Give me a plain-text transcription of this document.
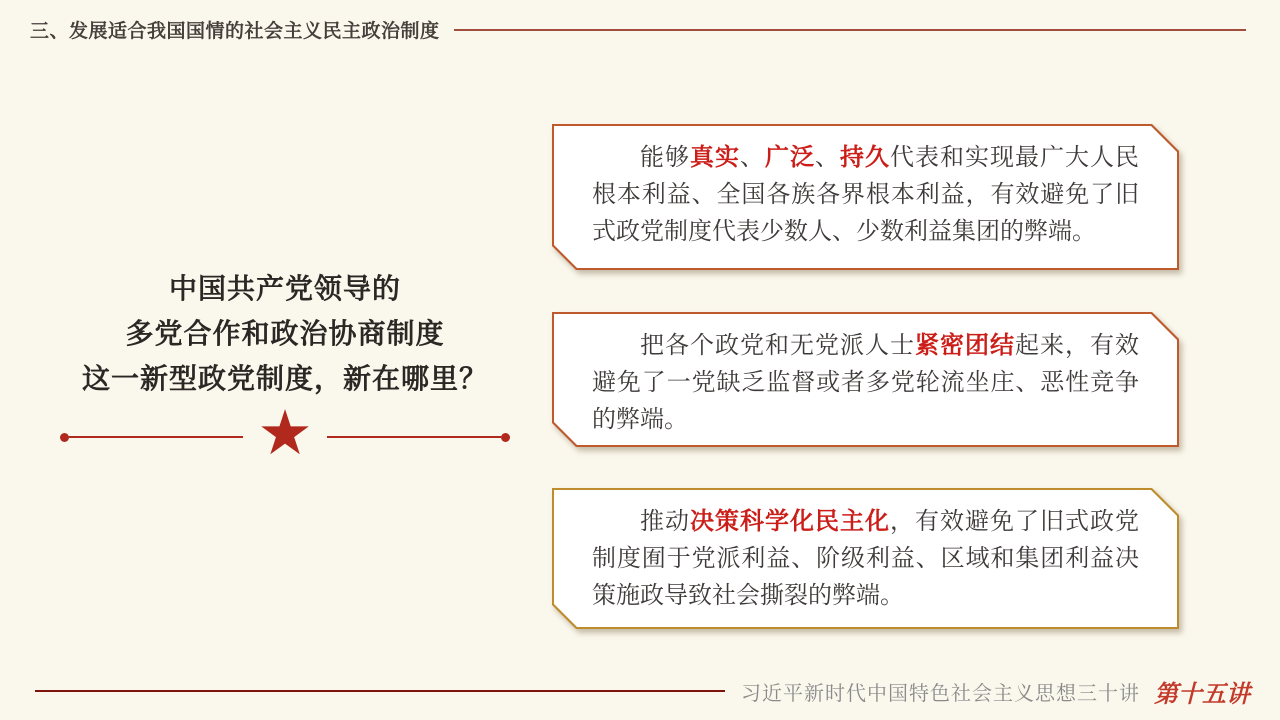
三、发展适合我国国情的社会主义民主政治制度
中国共产党领导的
多党合作和政治协商制度
这一新型政党制度，新在哪里？
★
能够真实、广泛、持久代表和实现最广大人民根本利益、全国各族各界根本利益，有效避免了旧式政党制度代表少数人、少数利益集团的弊端。
把各个政党和无党派人士紧密团结起来，有效避免了一党缺乏监督或者多党轮流坐庄、恶性竞争的弊端。
推动决策科学化民主化，有效避免了旧式政党制度囿于党派利益、阶级利益、区域和集团利益决策施政导致社会撕裂的弊端。
习近平新时代中国特色社会主义思想三十讲 第十五讲
